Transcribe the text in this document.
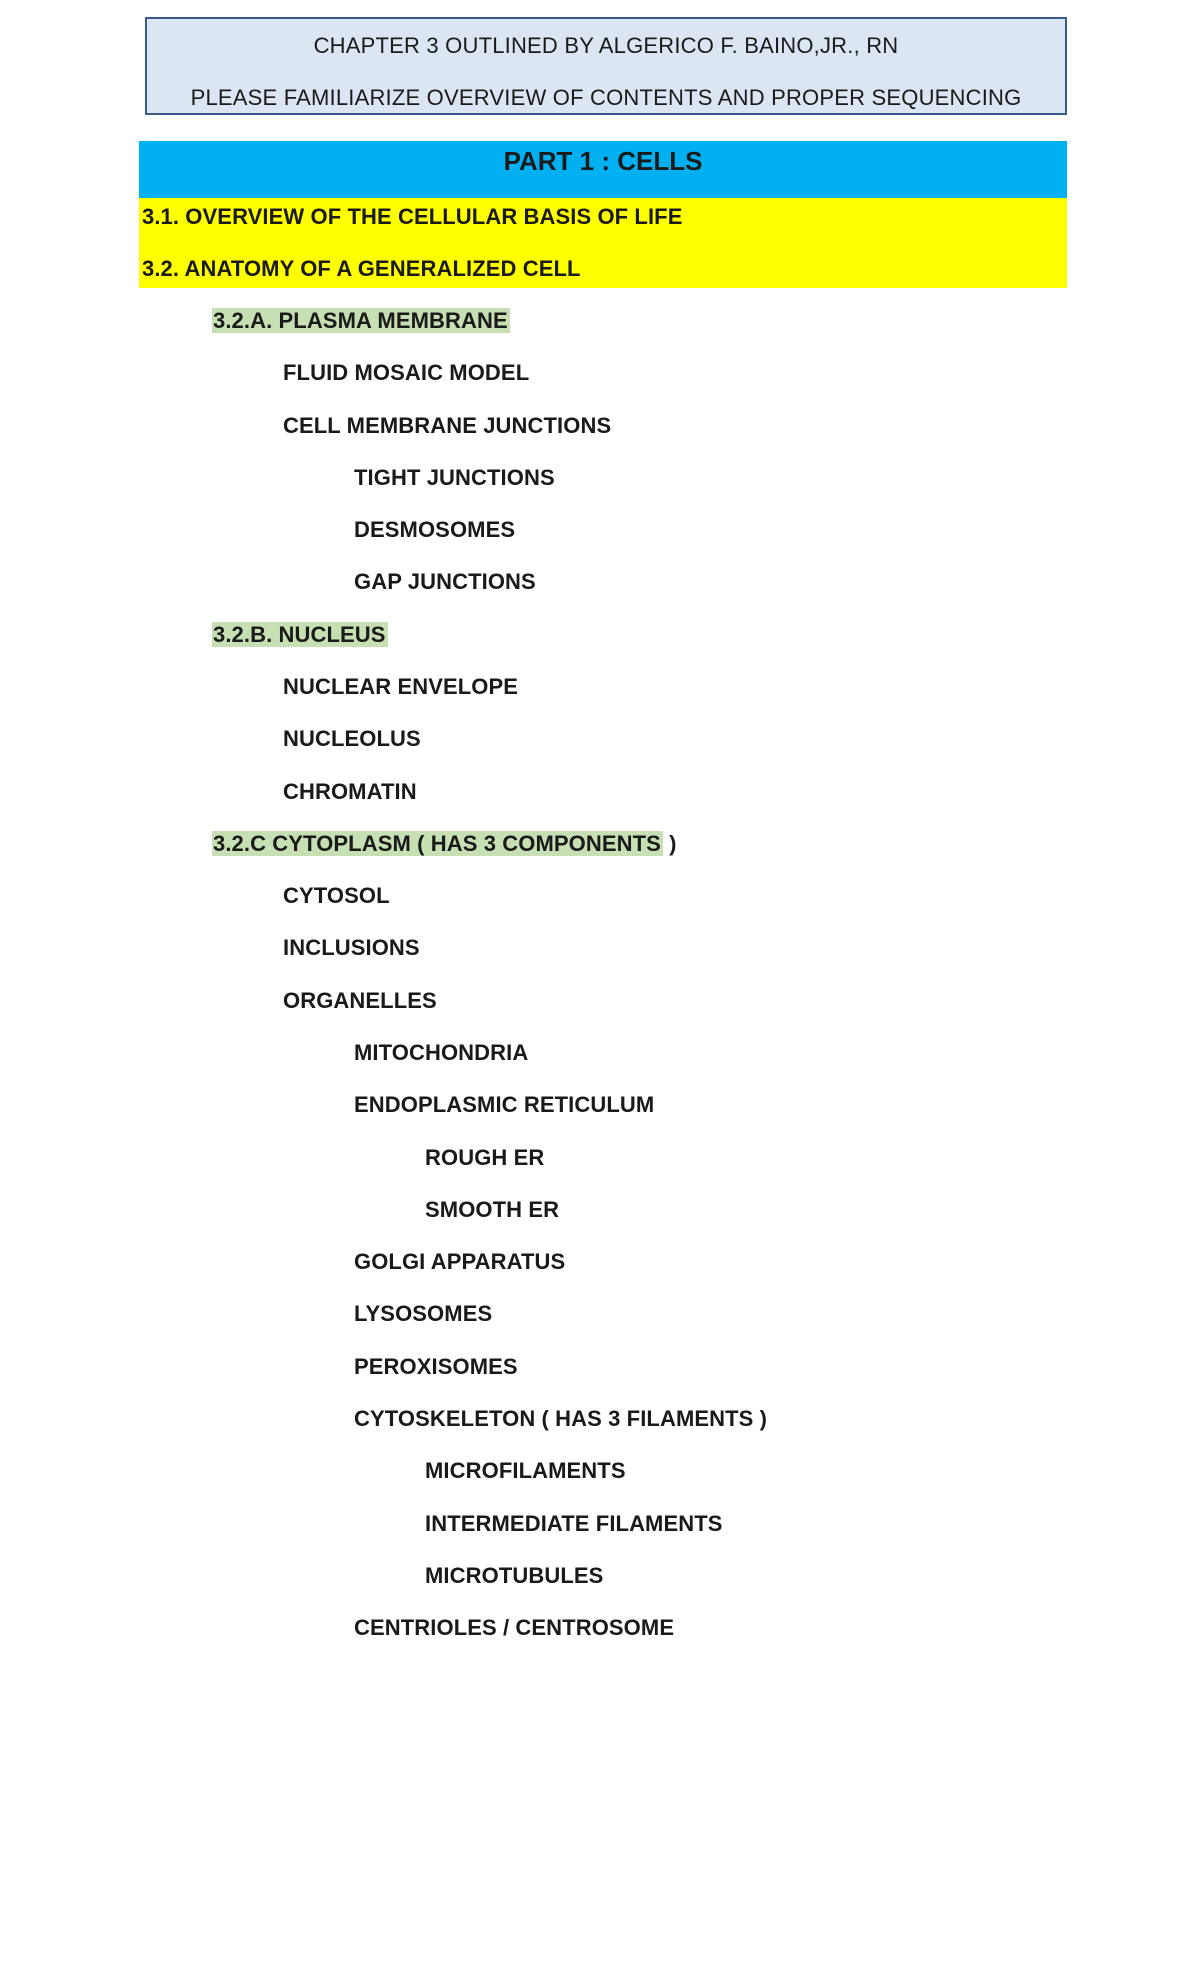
CHAPTER 3 OUTLINED BY ALGERICO F. BAINO,JR., RN
PLEASE FAMILIARIZE OVERVIEW OF CONTENTS AND PROPER SEQUENCING
PART 1 : CELLS
3.1. OVERVIEW OF THE CELLULAR BASIS OF LIFE
3.2. ANATOMY OF A GENERALIZED CELL
3.2.A. PLASMA MEMBRANE
FLUID MOSAIC MODEL
CELL MEMBRANE JUNCTIONS
TIGHT JUNCTIONS
DESMOSOMES
GAP JUNCTIONS
3.2.B. NUCLEUS
NUCLEAR ENVELOPE
NUCLEOLUS
CHROMATIN
3.2.C CYTOPLASM ( HAS 3 COMPONENTS )
CYTOSOL
INCLUSIONS
ORGANELLES
MITOCHONDRIA
ENDOPLASMIC RETICULUM
ROUGH ER
SMOOTH ER
GOLGI APPARATUS
LYSOSOMES
PEROXISOMES
CYTOSKELETON ( HAS 3 FILAMENTS )
MICROFILAMENTS
INTERMEDIATE FILAMENTS
MICROTUBULES
CENTRIOLES / CENTROSOME
